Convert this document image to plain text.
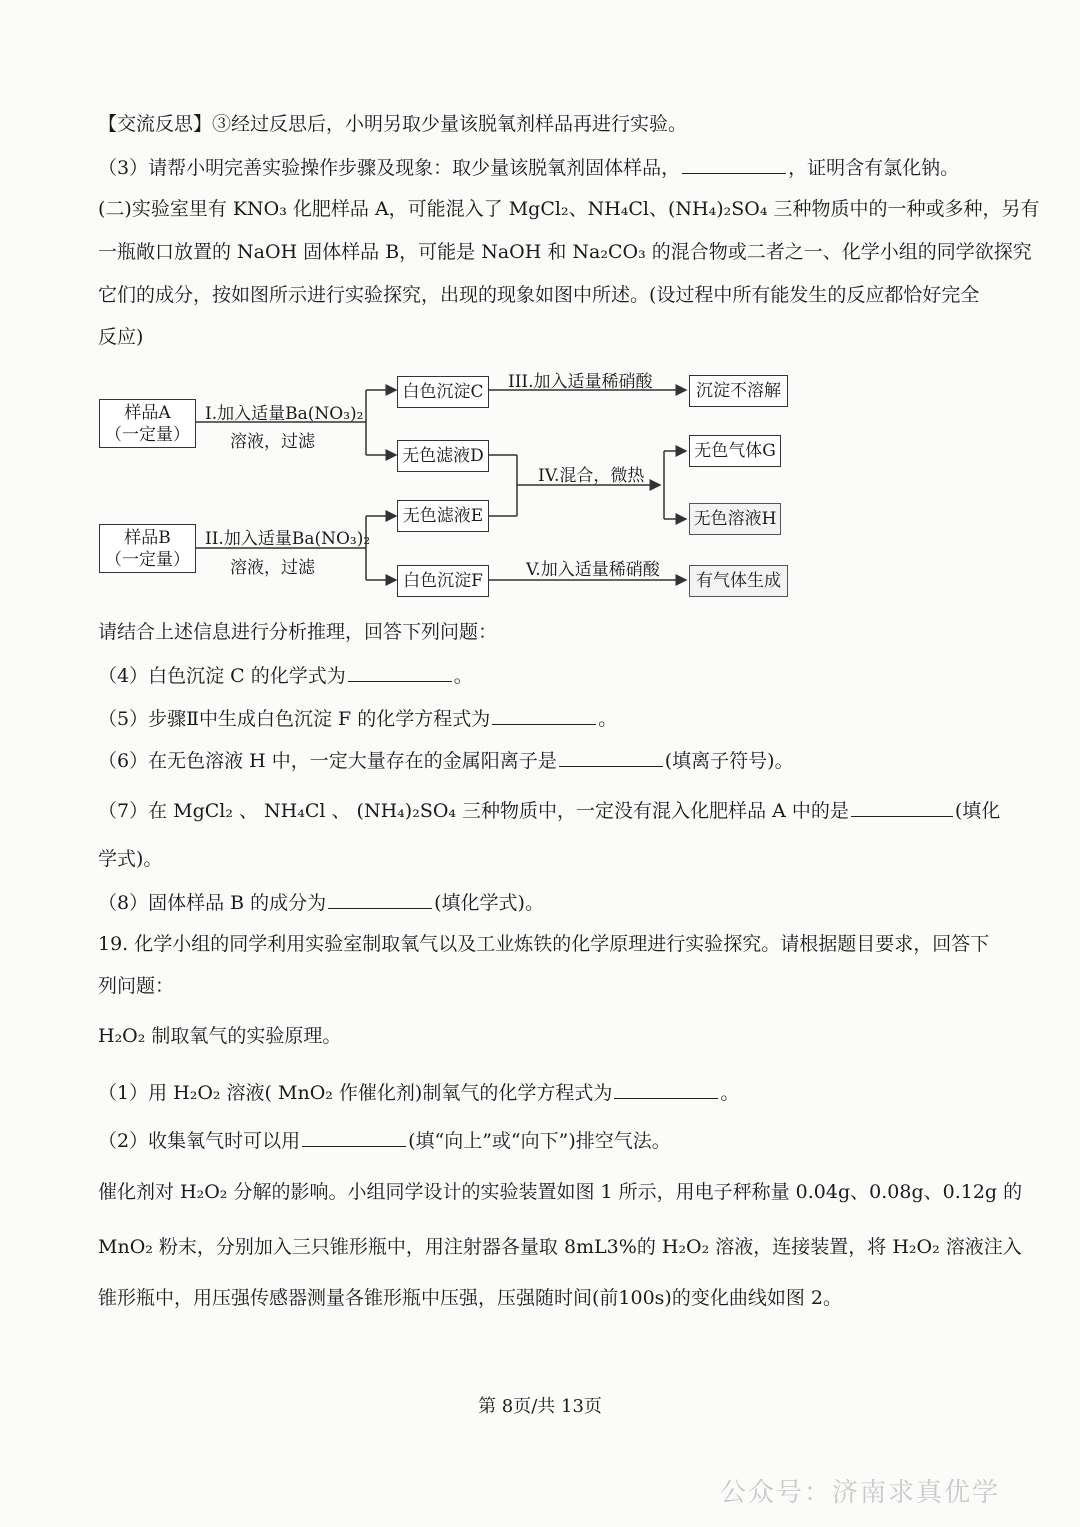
【交流反思】③经过反思后，小明另取少量该脱氧剂样品再进行实验。
（3）请帮小明完善实验操作步骤及现象：取少量该脱氧剂固体样品，	，证明含有氯化钠。
(二)实验室里有 KNO₃ 化肥样品 A，可能混入了 MgCl₂、NH₄Cl、(NH₄)₂SO₄ 三种物质中的一种或多种，另有
一瓶敞口放置的 NaOH 固体样品 B，可能是 NaOH 和 Na₂CO₃ 的混合物或二者之一、化学小组的同学欲探究
它们的成分，按如图所示进行实验探究，出现的现象如图中所述。(设过程中所有能发生的反应都恰好完全
反应)
样品A
（一定量）
样品B
（一定量）
I.加入适量Ba(NO₃)₂
溶液，过滤
II.加入适量Ba(NO₃)₂
溶液，过滤
白色沉淀C
无色滤液D
无色滤液E
白色沉淀F
III.加入适量稀硝酸
IV.混合，微热
V.加入适量稀硝酸
沉淀不溶解
无色气体G
无色溶液H
有气体生成
请结合上述信息进行分析推理，回答下列问题：
（4）白色沉淀 C 的化学式为	。
（5）步骤Ⅱ中生成白色沉淀 F 的化学方程式为	。
（6）在无色溶液 H 中，一定大量存在的金属阳离子是	(填离子符号)。
（7）在 MgCl₂ 、 NH₄Cl 、 (NH₄)₂SO₄ 三种物质中，一定没有混入化肥样品 A 中的是	(填化
学式)。
（8）固体样品 B 的成分为	(填化学式)。
19. 化学小组的同学利用实验室制取氧气以及工业炼铁的化学原理进行实验探究。请根据题目要求，回答下
列问题：
H₂O₂ 制取氧气的实验原理。
（1）用 H₂O₂ 溶液( MnO₂ 作催化剂)制氧气的化学方程式为	。
（2）收集氧气时可以用	(填“向上”或“向下”)排空气法。
催化剂对 H₂O₂ 分解的影响。小组同学设计的实验装置如图 1 所示，用电子秤称量 0.04g、0.08g、0.12g 的
MnO₂ 粉末，分别加入三只锥形瓶中，用注射器各量取 8mL3%的 H₂O₂ 溶液，连接装置，将 H₂O₂ 溶液注入
锥形瓶中，用压强传感器测量各锥形瓶中压强，压强随时间(前100s)的变化曲线如图 2。
第 8页/共 13页
公众号：济南求真优学
